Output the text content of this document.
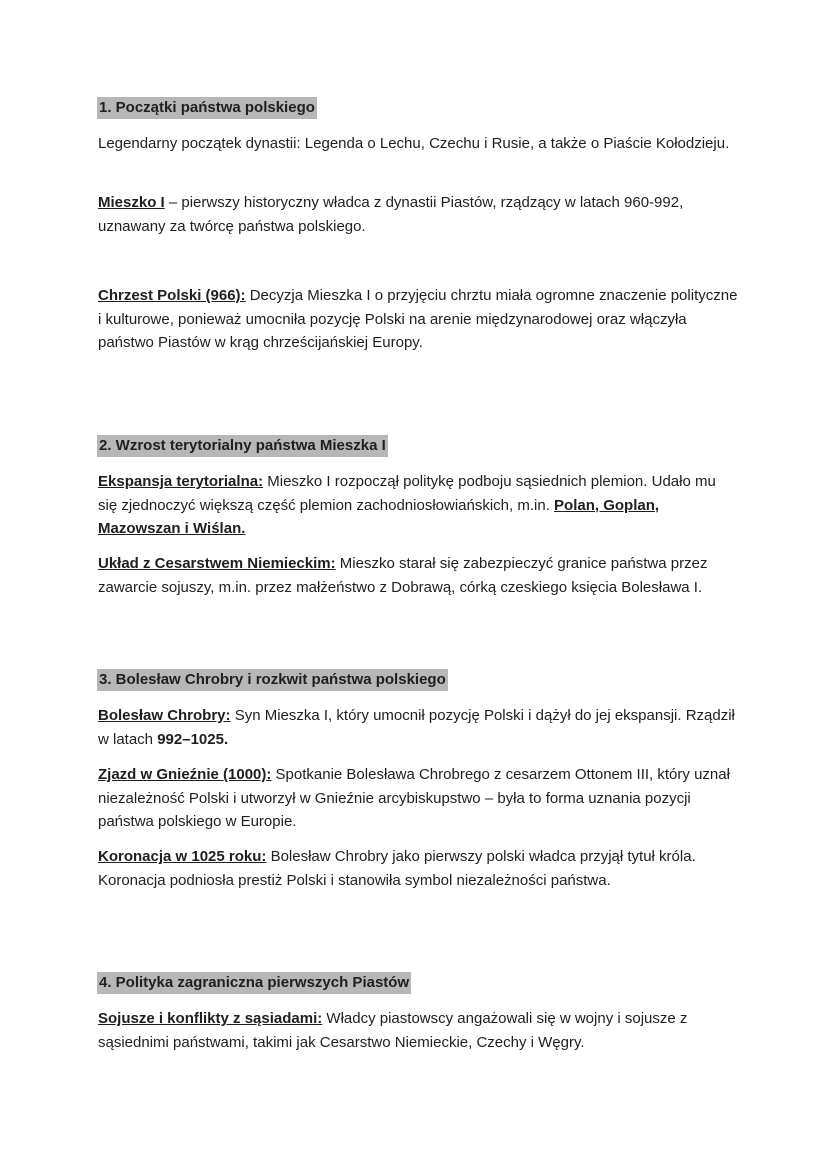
1. Początki państwa polskiego

Legendarny początek dynastii: Legenda o Lechu, Czechu i Rusie, a także o Piaście Kołodzieju.

Mieszko I – pierwszy historyczny władca z dynastii Piastów, rządzący w latach 960-992, uznawany za twórcę państwa polskiego.

Chrzest Polski (966): Decyzja Mieszka I o przyjęciu chrztu miała ogromne znaczenie polityczne i kulturowe, ponieważ umocniła pozycję Polski na arenie międzynarodowej oraz włączyła państwo Piastów w krąg chrześcijańskiej Europy.

2. Wzrost terytorialny państwa Mieszka I

Ekspansja terytorialna: Mieszko I rozpoczął politykę podboju sąsiednich plemion. Udało mu się zjednoczyć większą część plemion zachodniosłowiańskich, m.in. Polan, Goplan, Mazowszan i Wiślan.

Układ z Cesarstwem Niemieckim: Mieszko starał się zabezpieczyć granice państwa przez zawarcie sojuszy, m.in. przez małżeństwo z Dobrawą, córką czeskiego księcia Bolesława I.

3. Bolesław Chrobry i rozkwit państwa polskiego

Bolesław Chrobry: Syn Mieszka I, który umocnił pozycję Polski i dążył do jej ekspansji. Rządził w latach 992–1025.

Zjazd w Gnieźnie (1000): Spotkanie Bolesława Chrobrego z cesarzem Ottonem III, który uznał niezależność Polski i utworzył w Gnieźnie arcybiskupstwo – była to forma uznania pozycji państwa polskiego w Europie.

Koronacja w 1025 roku: Bolesław Chrobry jako pierwszy polski władca przyjął tytuł króla. Koronacja podniosła prestiż Polski i stanowiła symbol niezależności państwa.

4. Polityka zagraniczna pierwszych Piastów

Sojusze i konflikty z sąsiadami: Władcy piastowscy angażowali się w wojny i sojusze z sąsiednimi państwami, takimi jak Cesarstwo Niemieckie, Czechy i Węgry.
